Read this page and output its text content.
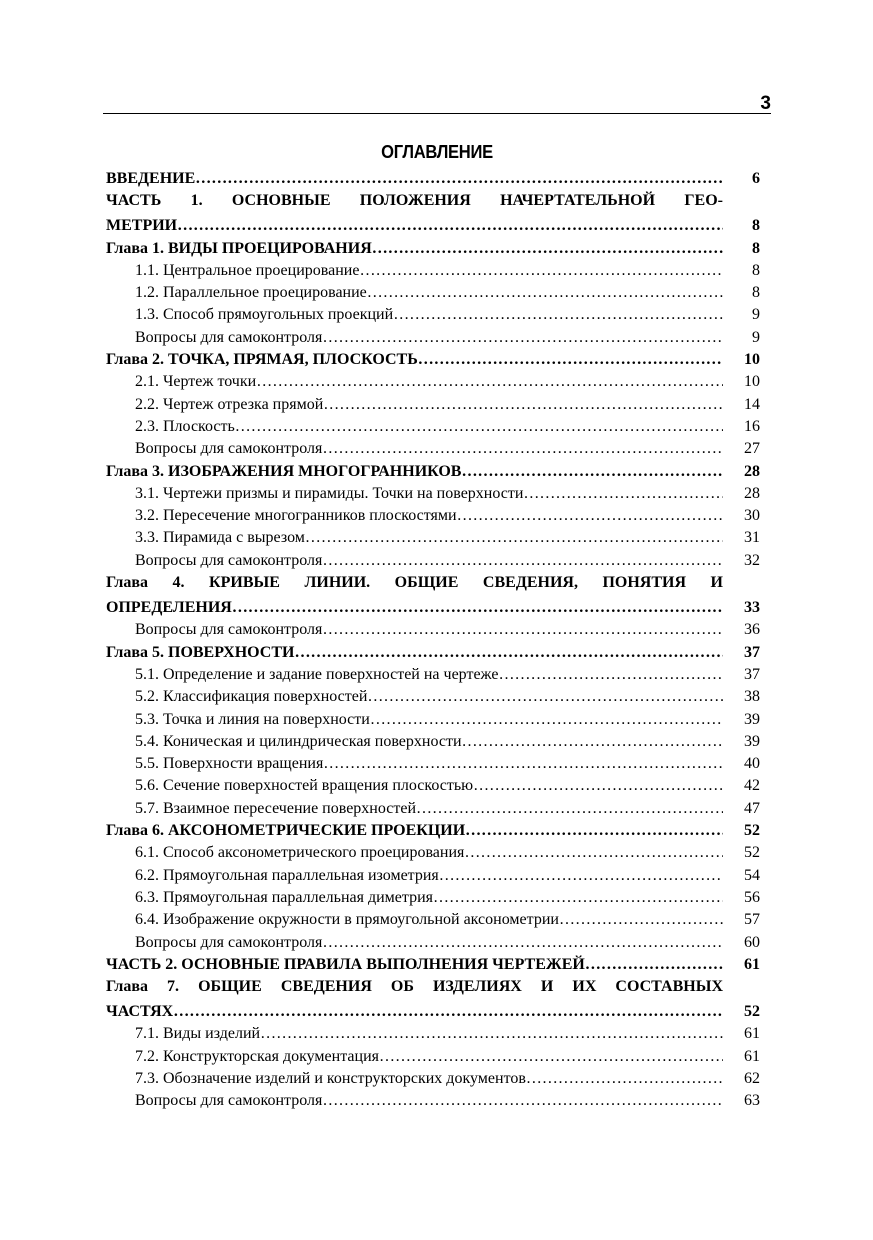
3
ОГЛАВЛЕНИЕ
ВВЕДЕНИЕ …………………………………………………………………………………………………………………………………………………………	6
ЧАСТЬ 1. ОСНОВНЫЕ ПОЛОЖЕНИЯ НАЧЕРТАТЕЛЬНОЙ ГЕО-
МЕТРИИ …………………………………………………………………………………………………………………………………………………………	8
Глава 1. ВИДЫ ПРОЕЦИРОВАНИЯ …………………………………………………………………………………………………………………………………………………………	8
1.1. Центральное проецирование …………………………………………………………………………………………………………………………………………………………	8
1.2. Параллельное проецирование …………………………………………………………………………………………………………………………………………………………	8
1.3. Способ прямоугольных проекций …………………………………………………………………………………………………………………………………………………………	9
Вопросы для самоконтроля …………………………………………………………………………………………………………………………………………………………	9
Глава 2. ТОЧКА, ПРЯМАЯ, ПЛОСКОСТЬ …………………………………………………………………………………………………………………………………………………………	10
2.1. Чертеж точки …………………………………………………………………………………………………………………………………………………………	10
2.2. Чертеж отрезка прямой …………………………………………………………………………………………………………………………………………………………	14
2.3. Плоскость …………………………………………………………………………………………………………………………………………………………	16
Вопросы для самоконтроля …………………………………………………………………………………………………………………………………………………………	27
Глава 3. ИЗОБРАЖЕНИЯ МНОГОГРАННИКОВ …………………………………………………………………………………………………………………………………………………………	28
3.1. Чертежи призмы и пирамиды. Точки на поверхности …………………………………………………………………………………………………………………………………………………………	28
3.2. Пересечение многогранников плоскостями …………………………………………………………………………………………………………………………………………………………	30
3.3. Пирамида с вырезом …………………………………………………………………………………………………………………………………………………………	31
Вопросы для самоконтроля …………………………………………………………………………………………………………………………………………………………	32
Глава 4. КРИВЫЕ ЛИНИИ. ОБЩИЕ СВЕДЕНИЯ, ПОНЯТИЯ И
ОПРЕДЕЛЕНИЯ …………………………………………………………………………………………………………………………………………………………	33
Вопросы для самоконтроля …………………………………………………………………………………………………………………………………………………………	36
Глава 5. ПОВЕРХНОСТИ …………………………………………………………………………………………………………………………………………………………	37
5.1. Определение и задание поверхностей на чертеже …………………………………………………………………………………………………………………………………………………………	37
5.2. Классификация поверхностей …………………………………………………………………………………………………………………………………………………………	38
5.3. Точка и линия на поверхности …………………………………………………………………………………………………………………………………………………………	39
5.4. Коническая и цилиндрическая поверхности …………………………………………………………………………………………………………………………………………………………	39
5.5. Поверхности вращения …………………………………………………………………………………………………………………………………………………………	40
5.6. Сечение поверхностей вращения плоскостью …………………………………………………………………………………………………………………………………………………………	42
5.7. Взаимное пересечение поверхностей …………………………………………………………………………………………………………………………………………………………	47
Глава 6. АКСОНОМЕТРИЧЕСКИЕ ПРОЕКЦИИ …………………………………………………………………………………………………………………………………………………………	52
6.1. Способ аксонометрического проецирования …………………………………………………………………………………………………………………………………………………………	52
6.2. Прямоугольная параллельная изометрия …………………………………………………………………………………………………………………………………………………………	54
6.3. Прямоугольная параллельная диметрия …………………………………………………………………………………………………………………………………………………………	56
6.4. Изображение окружности в прямоугольной аксонометрии …………………………………………………………………………………………………………………………………………………………	57
Вопросы для самоконтроля …………………………………………………………………………………………………………………………………………………………	60
ЧАСТЬ 2. ОСНОВНЫЕ ПРАВИЛА ВЫПОЛНЕНИЯ ЧЕРТЕЖЕЙ …………………………………………………………………………………………………………………………………………………………	61
Глава 7. ОБЩИЕ СВЕДЕНИЯ ОБ ИЗДЕЛИЯХ И ИХ СОСТАВНЫХ
ЧАСТЯХ …………………………………………………………………………………………………………………………………………………………	52
7.1. Виды изделий …………………………………………………………………………………………………………………………………………………………	61
7.2. Конструкторская документация …………………………………………………………………………………………………………………………………………………………	61
7.3. Обозначение изделий и конструкторских документов …………………………………………………………………………………………………………………………………………………………	62
Вопросы для самоконтроля …………………………………………………………………………………………………………………………………………………………	63
